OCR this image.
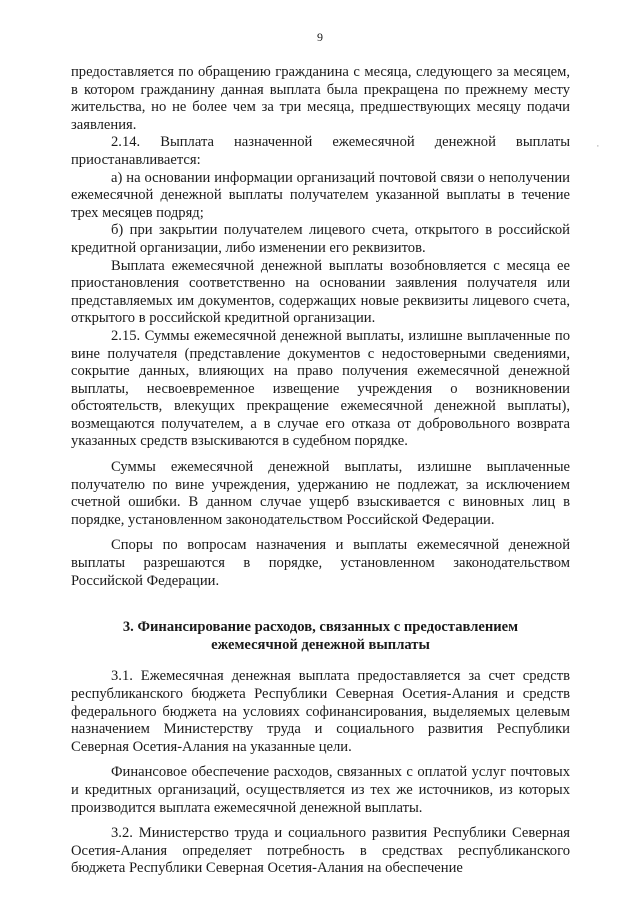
9
·

предоставляется по обращению гражданина с месяца, следующего за месяцем, в котором гражданину данная выплата была прекращена по прежнему месту жительства, но не более чем за три месяца, предшествующих месяцу подачи заявления.

2.14. Выплата назначенной ежемесячной денежной выплаты приостанавливается:

а) на основании информации организаций почтовой связи о неполучении ежемесячной денежной выплаты получателем указанной выплаты в течение трех месяцев подряд;

б) при закрытии получателем лицевого счета, открытого в российской кредитной организации, либо изменении его реквизитов.

Выплата ежемесячной денежной выплаты возобновляется с месяца ее приостановления соответственно на основании заявления получателя или представляемых им документов, содержащих новые реквизиты лицевого счета, открытого в российской кредитной организации.

2.15. Суммы ежемесячной денежной выплаты, излишне выплаченные по вине получателя (представление документов с недостоверными сведениями, сокрытие данных, влияющих на право получения ежемесячной денежной выплаты, несвоевременное извещение учреждения о возникновении обстоятельств, влекущих прекращение ежемесячной денежной выплаты), возмещаются получателем, а в случае его отказа от добровольного возврата указанных средств взыскиваются в судебном порядке.

Суммы ежемесячной денежной выплаты, излишне выплаченные получателю по вине учреждения, удержанию не подлежат, за исключением счетной ошибки. В данном случае ущерб взыскивается с виновных лиц в порядке, установленном законодательством Российской Федерации.

Споры по вопросам назначения и выплаты ежемесячной денежной выплаты разрешаются в порядке, установленном законодательством Российской Федерации.

3. Финансирование расходов, связанных с предоставлением
ежемесячной денежной выплаты

3.1. Ежемесячная денежная выплата предоставляется за счет средств республиканского бюджета Республики Северная Осетия-Алания и средств федерального бюджета на условиях софинансирования, выделяемых целевым назначением Министерству труда и социального развития Республики Северная Осетия-Алания на указанные цели.

Финансовое обеспечение расходов, связанных с оплатой услуг почтовых и кредитных организаций, осуществляется из тех же источников, из которых производится выплата ежемесячной денежной выплаты.

3.2. Министерство труда и социального развития Республики Северная Осетия-Алания определяет потребность в средствах республиканского бюджета Республики Северная Осетия-Алания на обеспечение
